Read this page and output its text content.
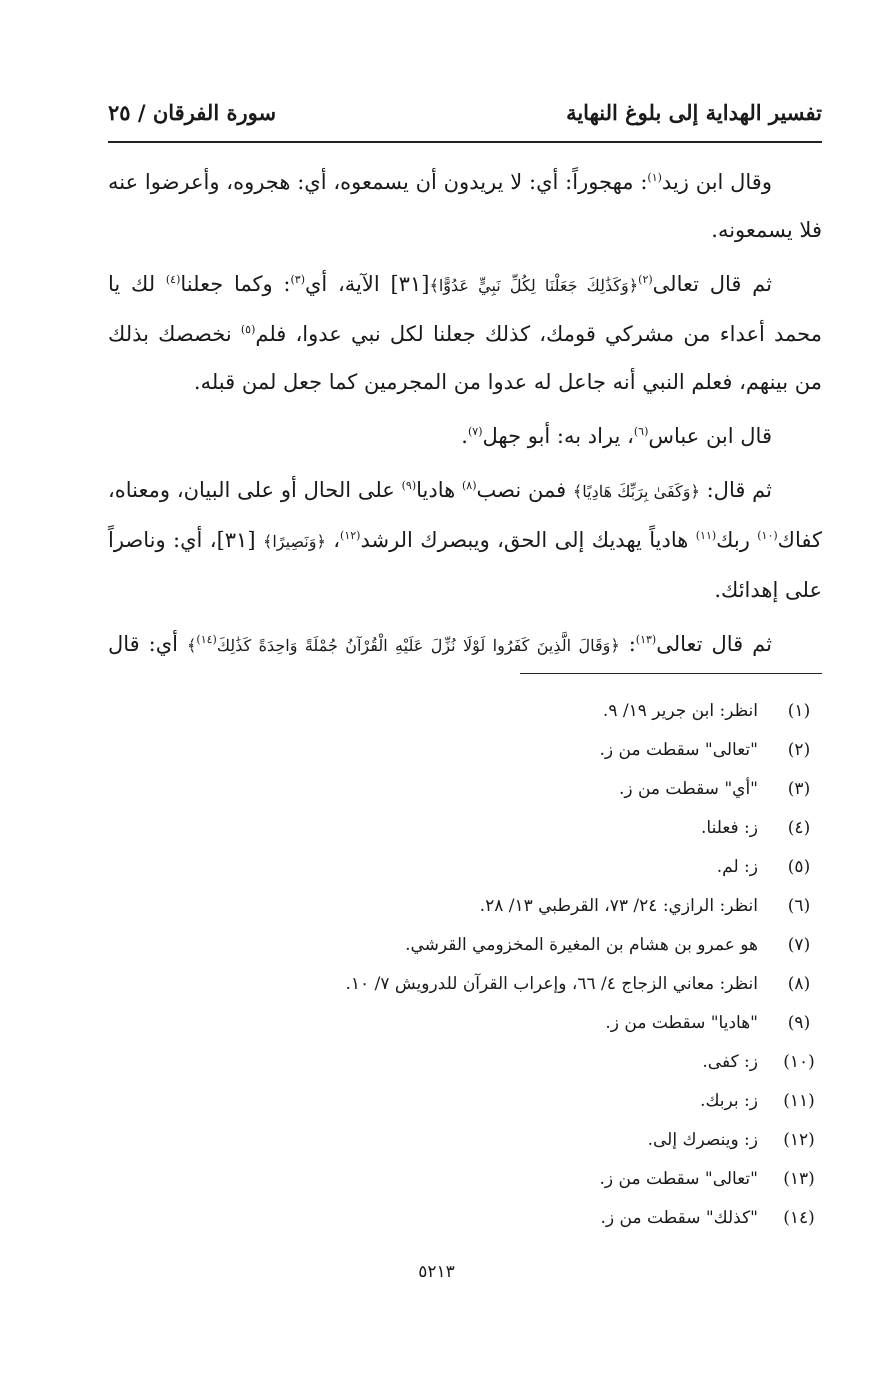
تفسير الهداية إلى بلوغ النهاية
سورة الفرقان / ٢٥

وقال ابن زيد$^{(١)}$: مهجوراً: أي: لا يريدون أن يسمعوه، أي: هجروه، وأعرضوا عنه فلا يسمعونه.

ثم قال تعالى$^{(٢)}$﴿وَكَذَٰلِكَ جَعَلْنَا لِكُلِّ نَبِيٍّ عَدُوًّا﴾[٣١] الآية، أي$^{(٣)}$: وكما جعلنا$^{(٤)}$ لك يا محمد أعداء من مشركي قومك، كذلك جعلنا لكل نبي عدوا، فلم$^{(٥)}$ نخصصك بذلك من بينهم، فعلم النبي أنه جاعل له عدوا من المجرمين كما جعل لمن قبله.

قال ابن عباس$^{(٦)}$، يراد به: أبو جهل$^{(٧)}$.

ثم قال: ﴿وَكَفَىٰ بِرَبِّكَ هَادِيًا﴾ فمن نصب$^{(٨)}$ هاديا$^{(٩)}$ على الحال أو على البيان، ومعناه، كفاك$^{(١٠)}$ ربك$^{(١١)}$ هادياً يهديك إلى الحق، ويبصرك الرشد$^{(١٢)}$، ﴿وَنَصِيرًا﴾ [٣١]، أي: وناصراً على إهدائك.

ثم قال تعالى$^{(١٣)}$: ﴿وَقَالَ الَّذِينَ كَفَرُوا لَوْلَا نُزِّلَ عَلَيْهِ الْقُرْآنُ جُمْلَةً وَاحِدَةً كَذَٰلِكَ$^{(١٤)}$﴾ أي: قال

(١)انظر: ابن جرير ١٩/ ٩.
(٢)"تعالى" سقطت من ز.
(٣)"أي" سقطت من ز.
(٤)ز: فعلنا.
(٥)ز: لم.
(٦)انظر: الرازي: ٢٤/ ٧٣، القرطبي ١٣/ ٢٨.
(٧)هو عمرو بن هشام بن المغيرة المخزومي القرشي.
(٨)انظر: معاني الزجاج ٤/ ٦٦، وإعراب القرآن للدرويش ٧/ ١٠.
(٩)"هاديا" سقطت من ز.
(١٠)ز: كفى.
(١١)ز: بربك.
(١٢)ز: وينصرك إلى.
(١٣)"تعالى" سقطت من ز.
(١٤)"كذلك" سقطت من ز.
٥٢١٣
